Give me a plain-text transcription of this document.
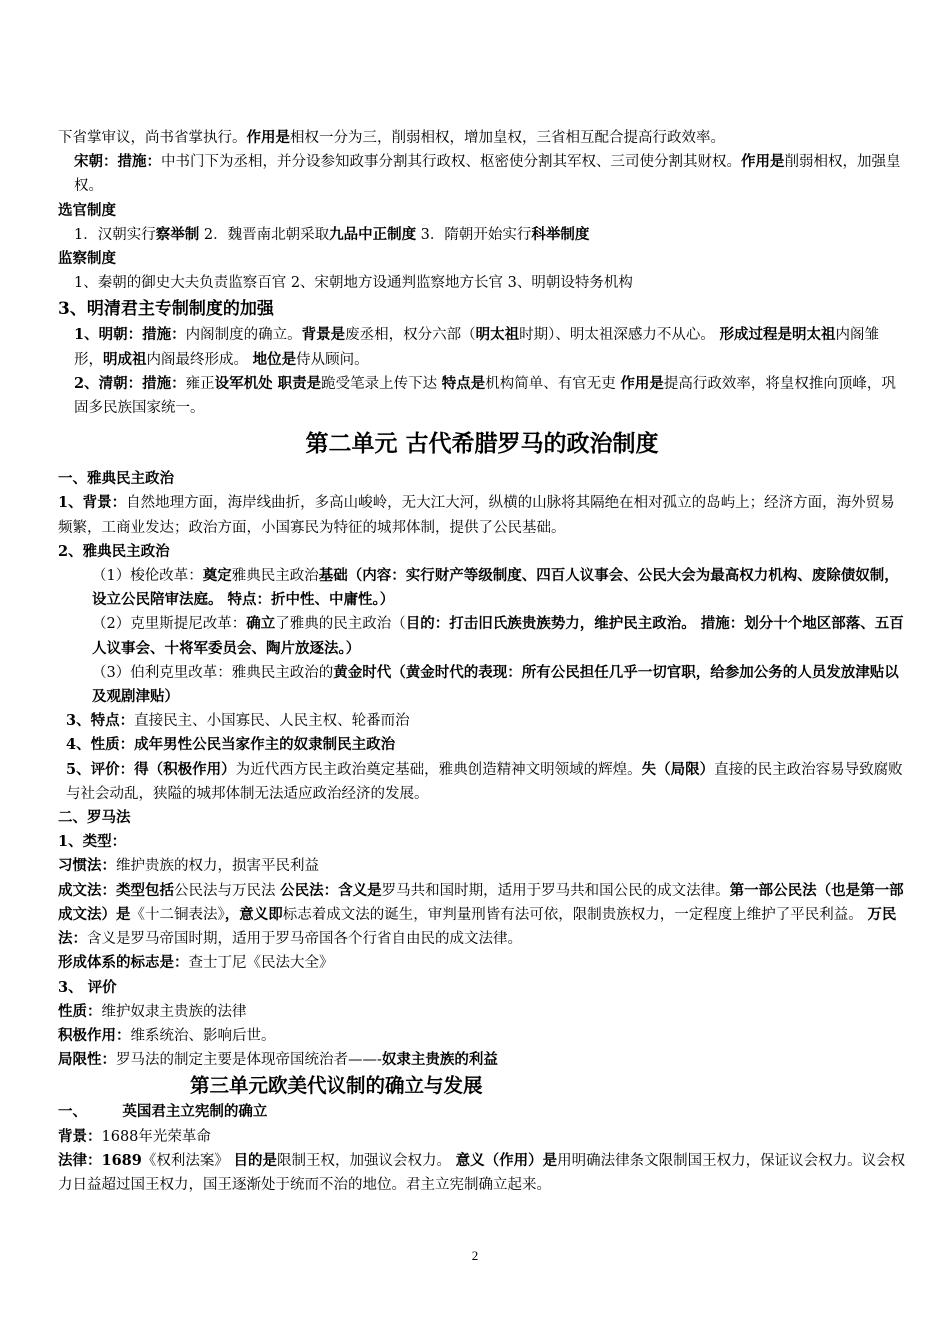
下省掌审议，尚书省掌执行。作用是相权一分为三，削弱相权，增加皇权，三省相互配合提高行政效率。

宋朝：措施：中书门下为丞相，并分设参知政事分割其行政权、枢密使分割其军权、三司使分割其财权。作用是削弱相权，加强皇权。

选官制度

1．汉朝实行察举制 2．魏晋南北朝采取九品中正制度 3．隋朝开始实行科举制度

监察制度

1、秦朝的御史大夫负责监察百官 2、宋朝地方设通判监察地方长官 3、明朝设特务机构

3、明清君主专制制度的加强

1、明朝：措施：内阁制度的确立。背景是废丞相，权分六部（明太祖时期）、明太祖深感力不从心。 形成过程是明太祖内阁雏形，明成祖内阁最终形成。 地位是侍从顾问。

2、清朝：措施：雍正设军机处 职责是跪受笔录上传下达 特点是机构简单、有官无吏 作用是提高行政效率，将皇权推向顶峰，巩固多民族国家统一。

第二单元 古代希腊罗马的政治制度

一、雅典民主政治

1、背景：自然地理方面，海岸线曲折，多高山峻岭，无大江大河，纵横的山脉将其隔绝在相对孤立的岛屿上；经济方面，海外贸易频繁，工商业发达；政治方面，小国寡民为特征的城邦体制，提供了公民基础。

2、雅典民主政治

（1）梭伦改革：奠定雅典民主政治基础（内容：实行财产等级制度、四百人议事会、公民大会为最高权力机构、废除债奴制，设立公民陪审法庭。 特点：折中性、中庸性。）

（2）克里斯提尼改革：确立了雅典的民主政治（目的：打击旧氏族贵族势力，维护民主政治。 措施：划分十个地区部落、五百人议事会、十将军委员会、陶片放逐法。）

（3）伯利克里改革：雅典民主政治的黄金时代（黄金时代的表现：所有公民担任几乎一切官职，给参加公务的人员发放津贴以及观剧津贴）

3、特点：直接民主、小国寡民、人民主权、轮番而治

4、性质：成年男性公民当家作主的奴隶制民主政治

5、评价：得（积极作用）为近代西方民主政治奠定基础，雅典创造精神文明领域的辉煌。失（局限）直接的民主政治容易导致腐败与社会动乱，狭隘的城邦体制无法适应政治经济的发展。

二、罗马法

1、类型：

习惯法：维护贵族的权力，损害平民利益

成文法：类型包括公民法与万民法 公民法：含义是罗马共和国时期，适用于罗马共和国公民的成文法律。第一部公民法（也是第一部成文法）是《十二铜表法》，意义即标志着成文法的诞生，审判量刑皆有法可依，限制贵族权力，一定程度上维护了平民利益。 万民法：含义是罗马帝国时期，适用于罗马帝国各个行省自由民的成文法律。

形成体系的标志是：查士丁尼《民法大全》

3、 评价

性质：维护奴隶主贵族的法律

积极作用：维系统治、影响后世。

局限性：罗马法的制定主要是体现帝国统治者——-奴隶主贵族的利益

第三单元欧美代议制的确立与发展

一、       英国君主立宪制的确立

背景：1688年光荣革命

法律：1689《权利法案》 目的是限制王权，加强议会权力。 意义（作用）是用明确法律条文限制国王权力，保证议会权力。议会权力日益超过国王权力，国王逐渐处于统而不治的地位。君主立宪制确立起来。

2
